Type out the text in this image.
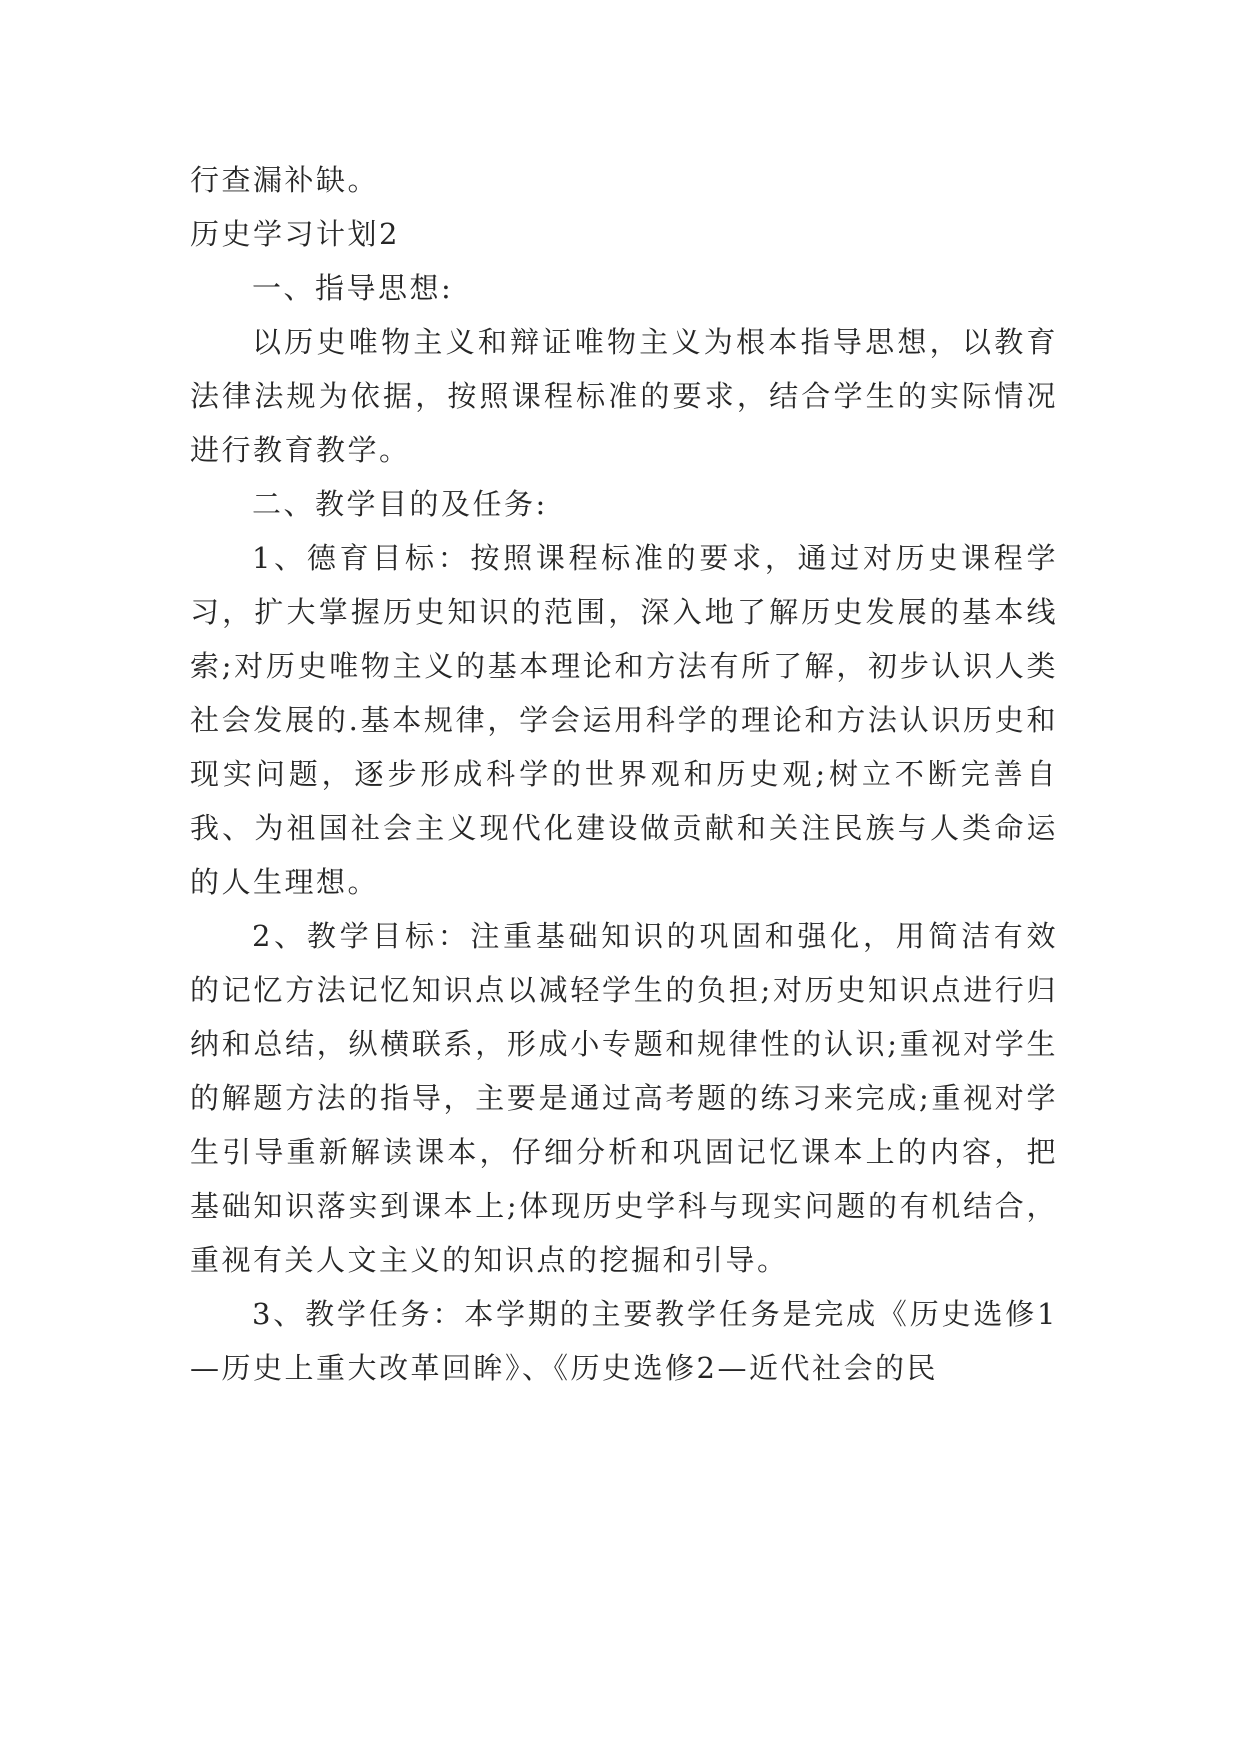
行查漏补缺。

历史学习计划2

一、指导思想:

以历史唯物主义和辩证唯物主义为根本指导思想，以教育法律法规为依据，按照课程标准的要求，结合学生的实际情况进行教育教学。

二、教学目的及任务:

1、德育目标：按照课程标准的要求，通过对历史课程学习，扩大掌握历史知识的范围，深入地了解历史发展的基本线索;对历史唯物主义的基本理论和方法有所了解，初步认识人类社会发展的.基本规律，学会运用科学的理论和方法认识历史和现实问题，逐步形成科学的世界观和历史观;树立不断完善自我、为祖国社会主义现代化建设做贡献和关注民族与人类命运的人生理想。

2、教学目标：注重基础知识的巩固和强化，用简洁有效的记忆方法记忆知识点以减轻学生的负担;对历史知识点进行归纳和总结，纵横联系，形成小专题和规律性的认识;重视对学生的解题方法的指导，主要是通过高考题的练习来完成;重视对学生引导重新解读课本，仔细分析和巩固记忆课本上的内容，把基础知识落实到课本上;体现历史学科与现实问题的有机结合，重视有关人文主义的知识点的挖掘和引导。

3、教学任务：本学期的主要教学任务是完成《历史选修1—历史上重大改革回眸》、《历史选修2—近代社会的民
